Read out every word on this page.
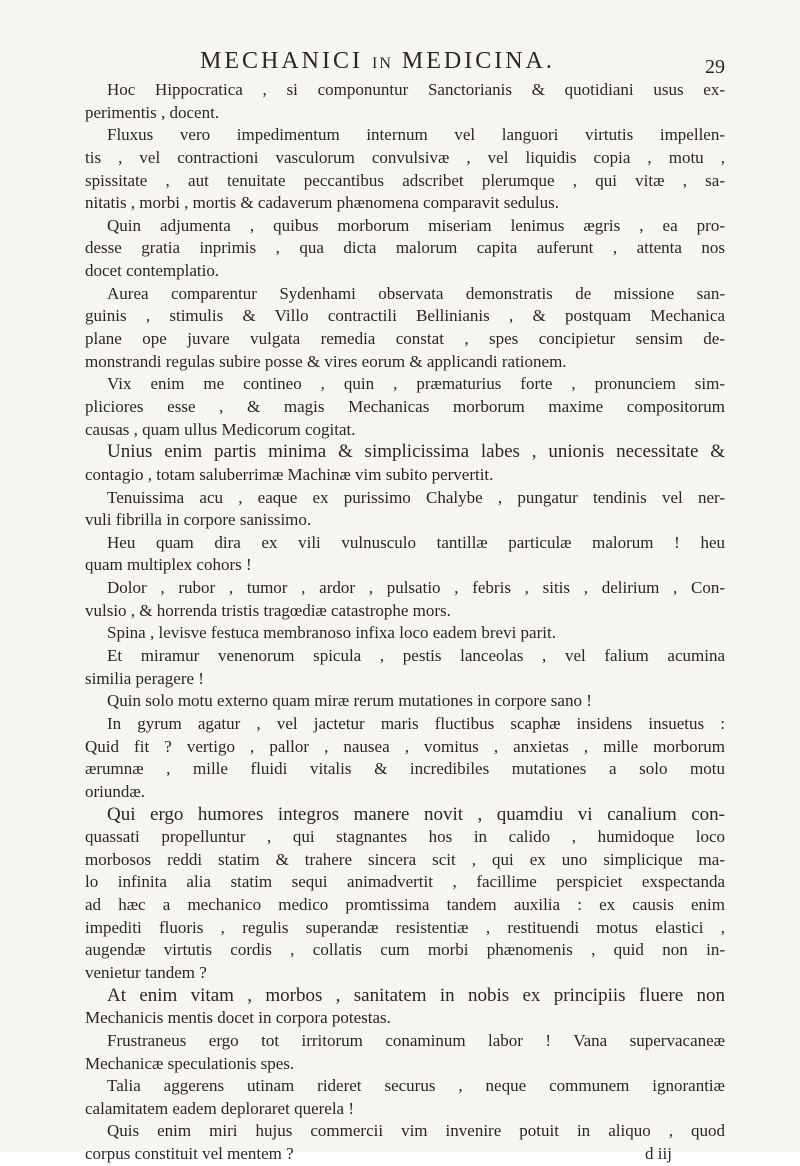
MECHANICI IN MEDICINA.	29
Hoc Hippocratica , si componuntur Sanctorianis & quotidiani usus ex-
perimentis , docent.
Fluxus vero impedimentum internum vel languori virtutis impellen-
tis , vel contractioni vasculorum convulsivæ , vel liquidis copia , motu ,
spissitate , aut tenuitate peccantibus adscribet plerumque , qui vitæ , sa-
nitatis , morbi , mortis & cadaverum phænomena comparavit sedulus.
Quin adjumenta , quibus morborum miseriam lenimus ægris , ea pro-
desse gratia inprimis , qua dicta malorum capita auferunt , attenta nos
docet contemplatio.
Aurea comparentur Sydenhami observata demonstratis de missione san-
guinis , stimulis & Villo contractili Bellinianis , & postquam Mechanica
plane ope juvare vulgata remedia constat , spes concipietur sensim de-
monstrandi regulas subire posse & vires eorum & applicandi rationem.
Vix enim me contineo , quin , præmaturius forte , pronunciem sim-
pliciores esse , & magis Mechanicas morborum maxime compositorum
causas , quam ullus Medicorum cogitat.
Unius enim partis minima & simplicissima labes , unionis necessitate &
contagio , totam saluberrimæ Machinæ vim subito pervertit.
Tenuissima acu , eaque ex purissimo Chalybe , pungatur tendinis vel ner-
vuli fibrilla in corpore sanissimo.
Heu quam dira ex vili vulnusculo tantillæ particulæ malorum ! heu
quam multiplex cohors !
Dolor , rubor , tumor , ardor , pulsatio , febris , sitis , delirium , Con-
vulsio , & horrenda tristis tragœdiæ catastrophe mors.
Spina , levisve festuca membranoso infixa loco eadem brevi parit.
Et miramur venenorum spicula , pestis lanceolas , vel falium acumina
similia peragere !
Quin solo motu externo quam miræ rerum mutationes in corpore sano !
In gyrum agatur , vel jactetur maris fluctibus scaphæ insidens insuetus :
Quid fit ? vertigo , pallor , nausea , vomitus , anxietas , mille morborum
ærumnæ , mille fluidi vitalis & incredibiles mutationes a solo motu
oriundæ.
Qui ergo humores integros manere novit , quamdiu vi canalium con-
quassati propelluntur , qui stagnantes hos in calido , humidoque loco
morbosos reddi statim & trahere sincera scit , qui ex uno simplicique ma-
lo infinita alia statim sequi animadvertit , facillime perspiciet exspectanda
ad hæc a mechanico medico promtissima tandem auxilia : ex causis enim
impediti fluoris , regulis superandæ resistentiæ , restituendi motus elastici ,
augendæ virtutis cordis , collatis cum morbi phænomenis , quid non in-
venietur tandem ?
At enim vitam , morbos , sanitatem in nobis ex principiis fluere non
Mechanicis mentis docet in corpora potestas.
Frustraneus ergo tot irritorum conaminum labor ! Vana supervacaneæ
Mechanicæ speculationis spes.
Talia aggerens utinam rideret securus , neque communem ignorantiæ
calamitatem eadem deploraret querela !
Quis enim miri hujus commercii vim invenire potuit in aliquo , quod
corpus constituit vel mentem ?	d iij
